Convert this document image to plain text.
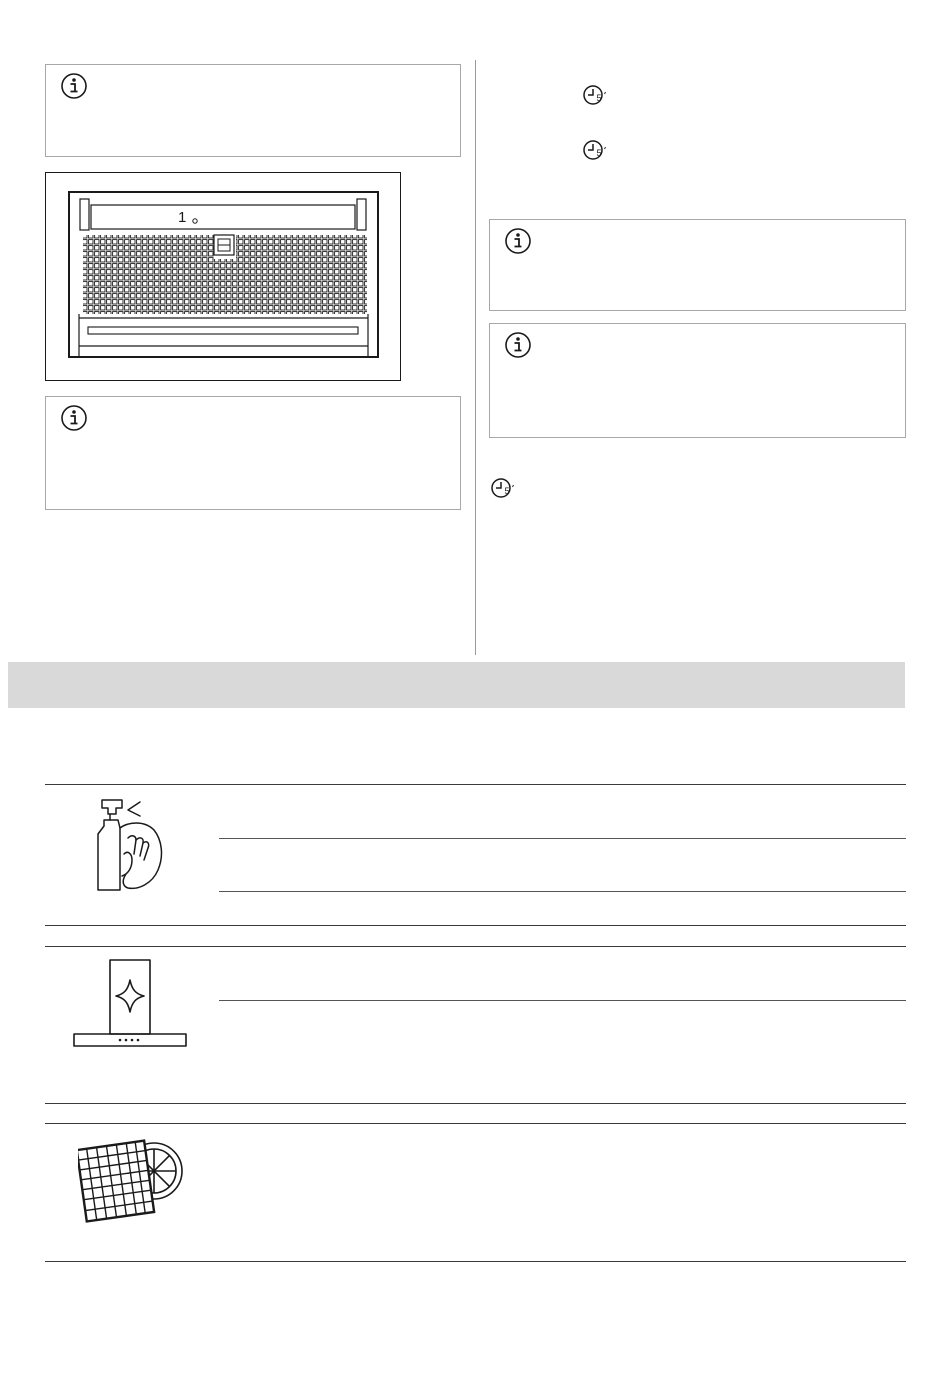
1
5
5
5
